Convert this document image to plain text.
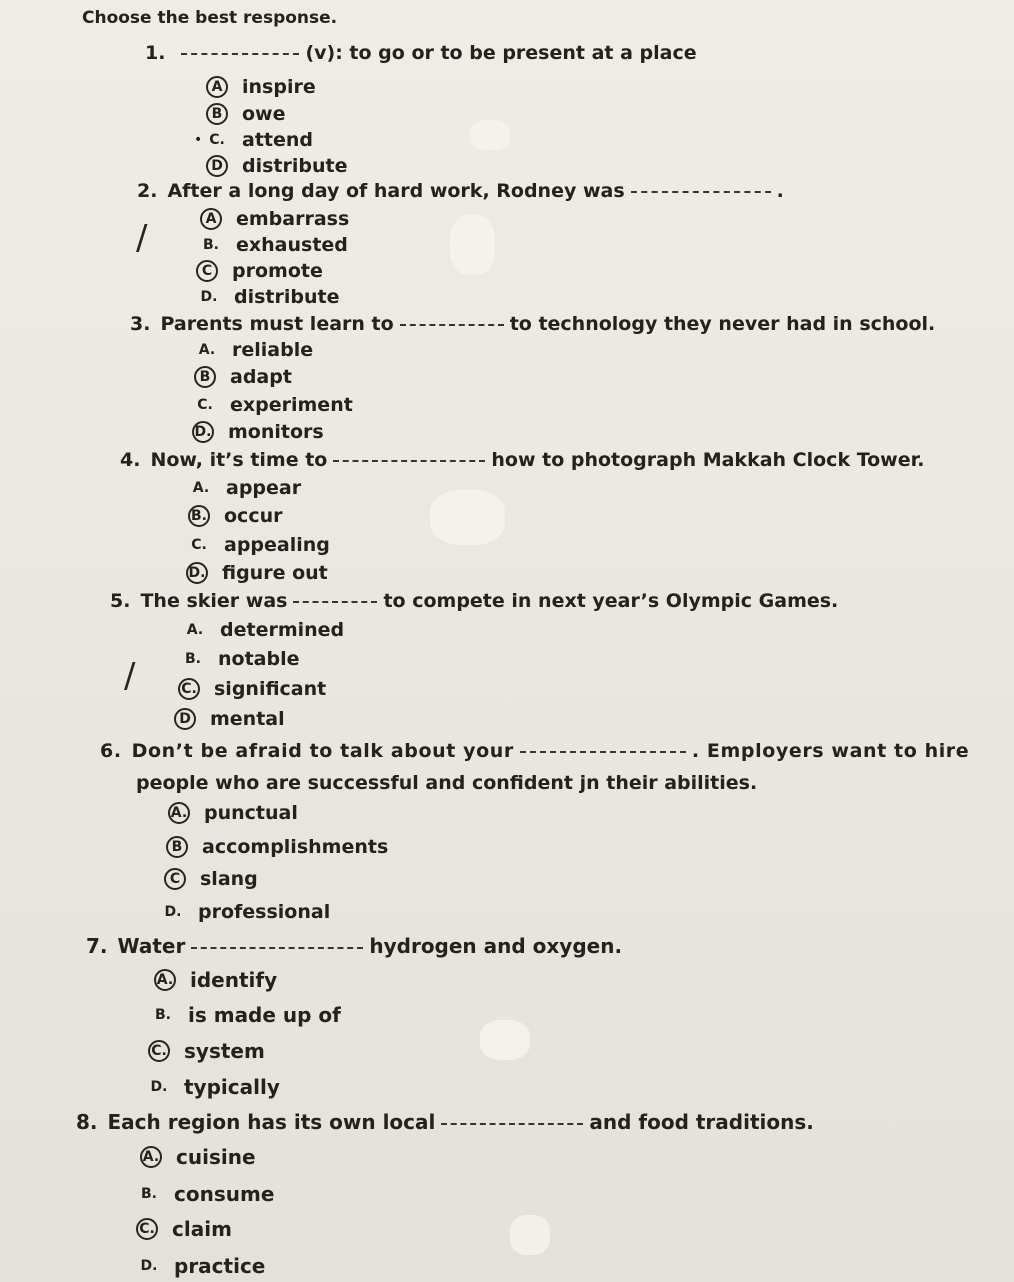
Choose the best response.
1.	(v): to go or to be present at a place
A inspire
B owe
• C. attend
D distribute
2. After a long day of hard work, Rodney was	.
/	A embarrass
B. exhausted
C	promote
D. distribute
3. Parents must learn to	to technology they never had in school.
A. reliable
B adapt
C. experiment
D. monitors
4. Now, it’s time to	how to photograph Makkah Clock Tower.
A. appear
B. occur
C. appealing
D. figure out
5. The skier was	to compete in next year’s Olympic Games.
A. determined
B. notable
/	C. significant
D mental
6. Don’t be afraid to talk about your	. Employers want to hire
people who are successful and confident jn their abilities.
A. punctual
B accomplishments
C	slang
D. professional
7. Water	hydrogen and oxygen.
A. identify
B. is made up of
C. system
D. typically
8. Each region has its own local	and food traditions.
A. cuisine
B. consume
C. claim
D. practice
